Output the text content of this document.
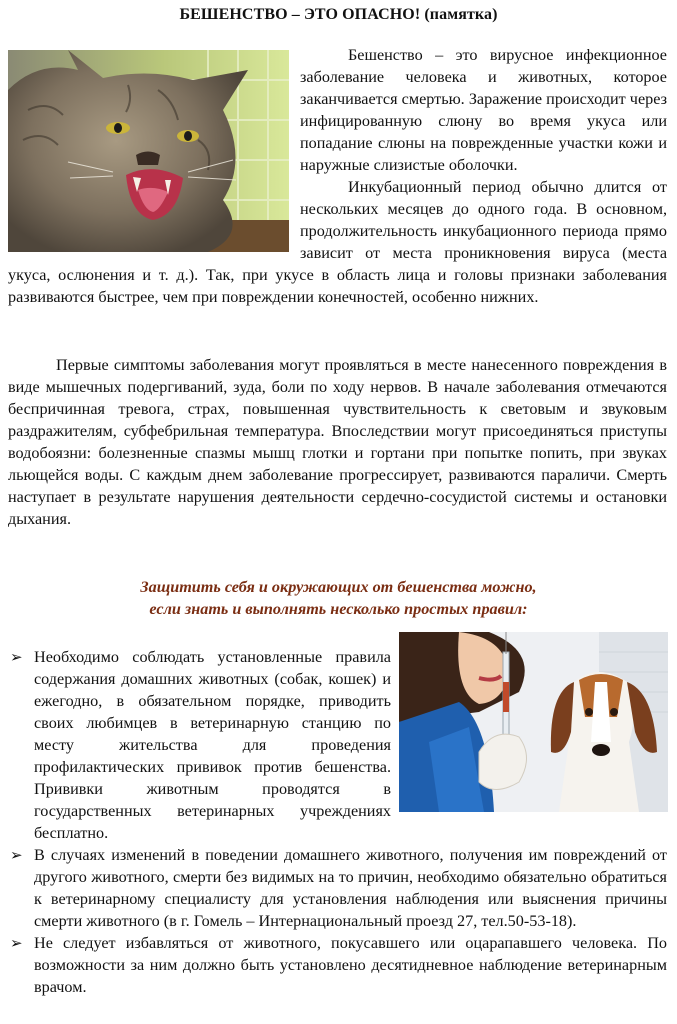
БЕШЕНСТВО – ЭТО ОПАСНО! (памятка)

Бешенство – это вирусное инфекционное заболевание человека и животных, которое заканчивается смертью. Заражение происходит через инфицированную слюну во время укуса или попадание слюны на поврежденные участки кожи и наружные слизистые оболочки.

Инкубационный период обычно длится от нескольких месяцев до одного года. В основном, продолжительность инкубационного периода прямо зависит от места проникновения вируса (места укуса, ослюнения и т. д.). Так, при укусе в область лица и головы признаки заболевания развиваются быстрее, чем при повреждении конечностей, особенно нижних.

Первые симптомы заболевания могут проявляться в месте нанесенного повреждения в виде мышечных подергиваний, зуда, боли по ходу нервов. В начале заболевания отмечаются беспричинная тревога, страх, повышенная чувствительность к световым и звуковым раздражителям, субфебрильная температура. Впоследствии могут присоединяться приступы водобоязни: болезненные спазмы мышц глотки и гортани при попытке попить, при звуках льющейся воды. С каждым днем заболевание прогрессирует, развиваются параличи. Смерть наступает в результате нарушения деятельности сердечно-сосудистой системы и остановки дыхания.

Защитить себя и окружающих от бешенства можно,
если знать и выполнять несколько простых правил:
➢ Необходимо соблюдать установленные правила содержания домашних животных (собак, кошек) и ежегодно, в обязательном порядке, приводить своих любимцев в ветеринарную станцию по месту жительства для проведения профилактических прививок против бешенства. Прививки животным проводятся в государственных ветеринарных учреждениях бесплатно.

➢ В случаях изменений в поведении домашнего животного, получения им повреждений от другого животного, смерти без видимых на то причин, необходимо обязательно обратиться к ветеринарному специалисту для установления наблюдения или выяснения причины смерти животного (в г. Гомель – Интернациональный проезд 27, тел.50-53-18).

➢ Не следует избавляться от животного, покусавшего или оцарапавшего человека. По возможности за ним должно быть установлено десятидневное наблюдение ветеринарным врачом.
